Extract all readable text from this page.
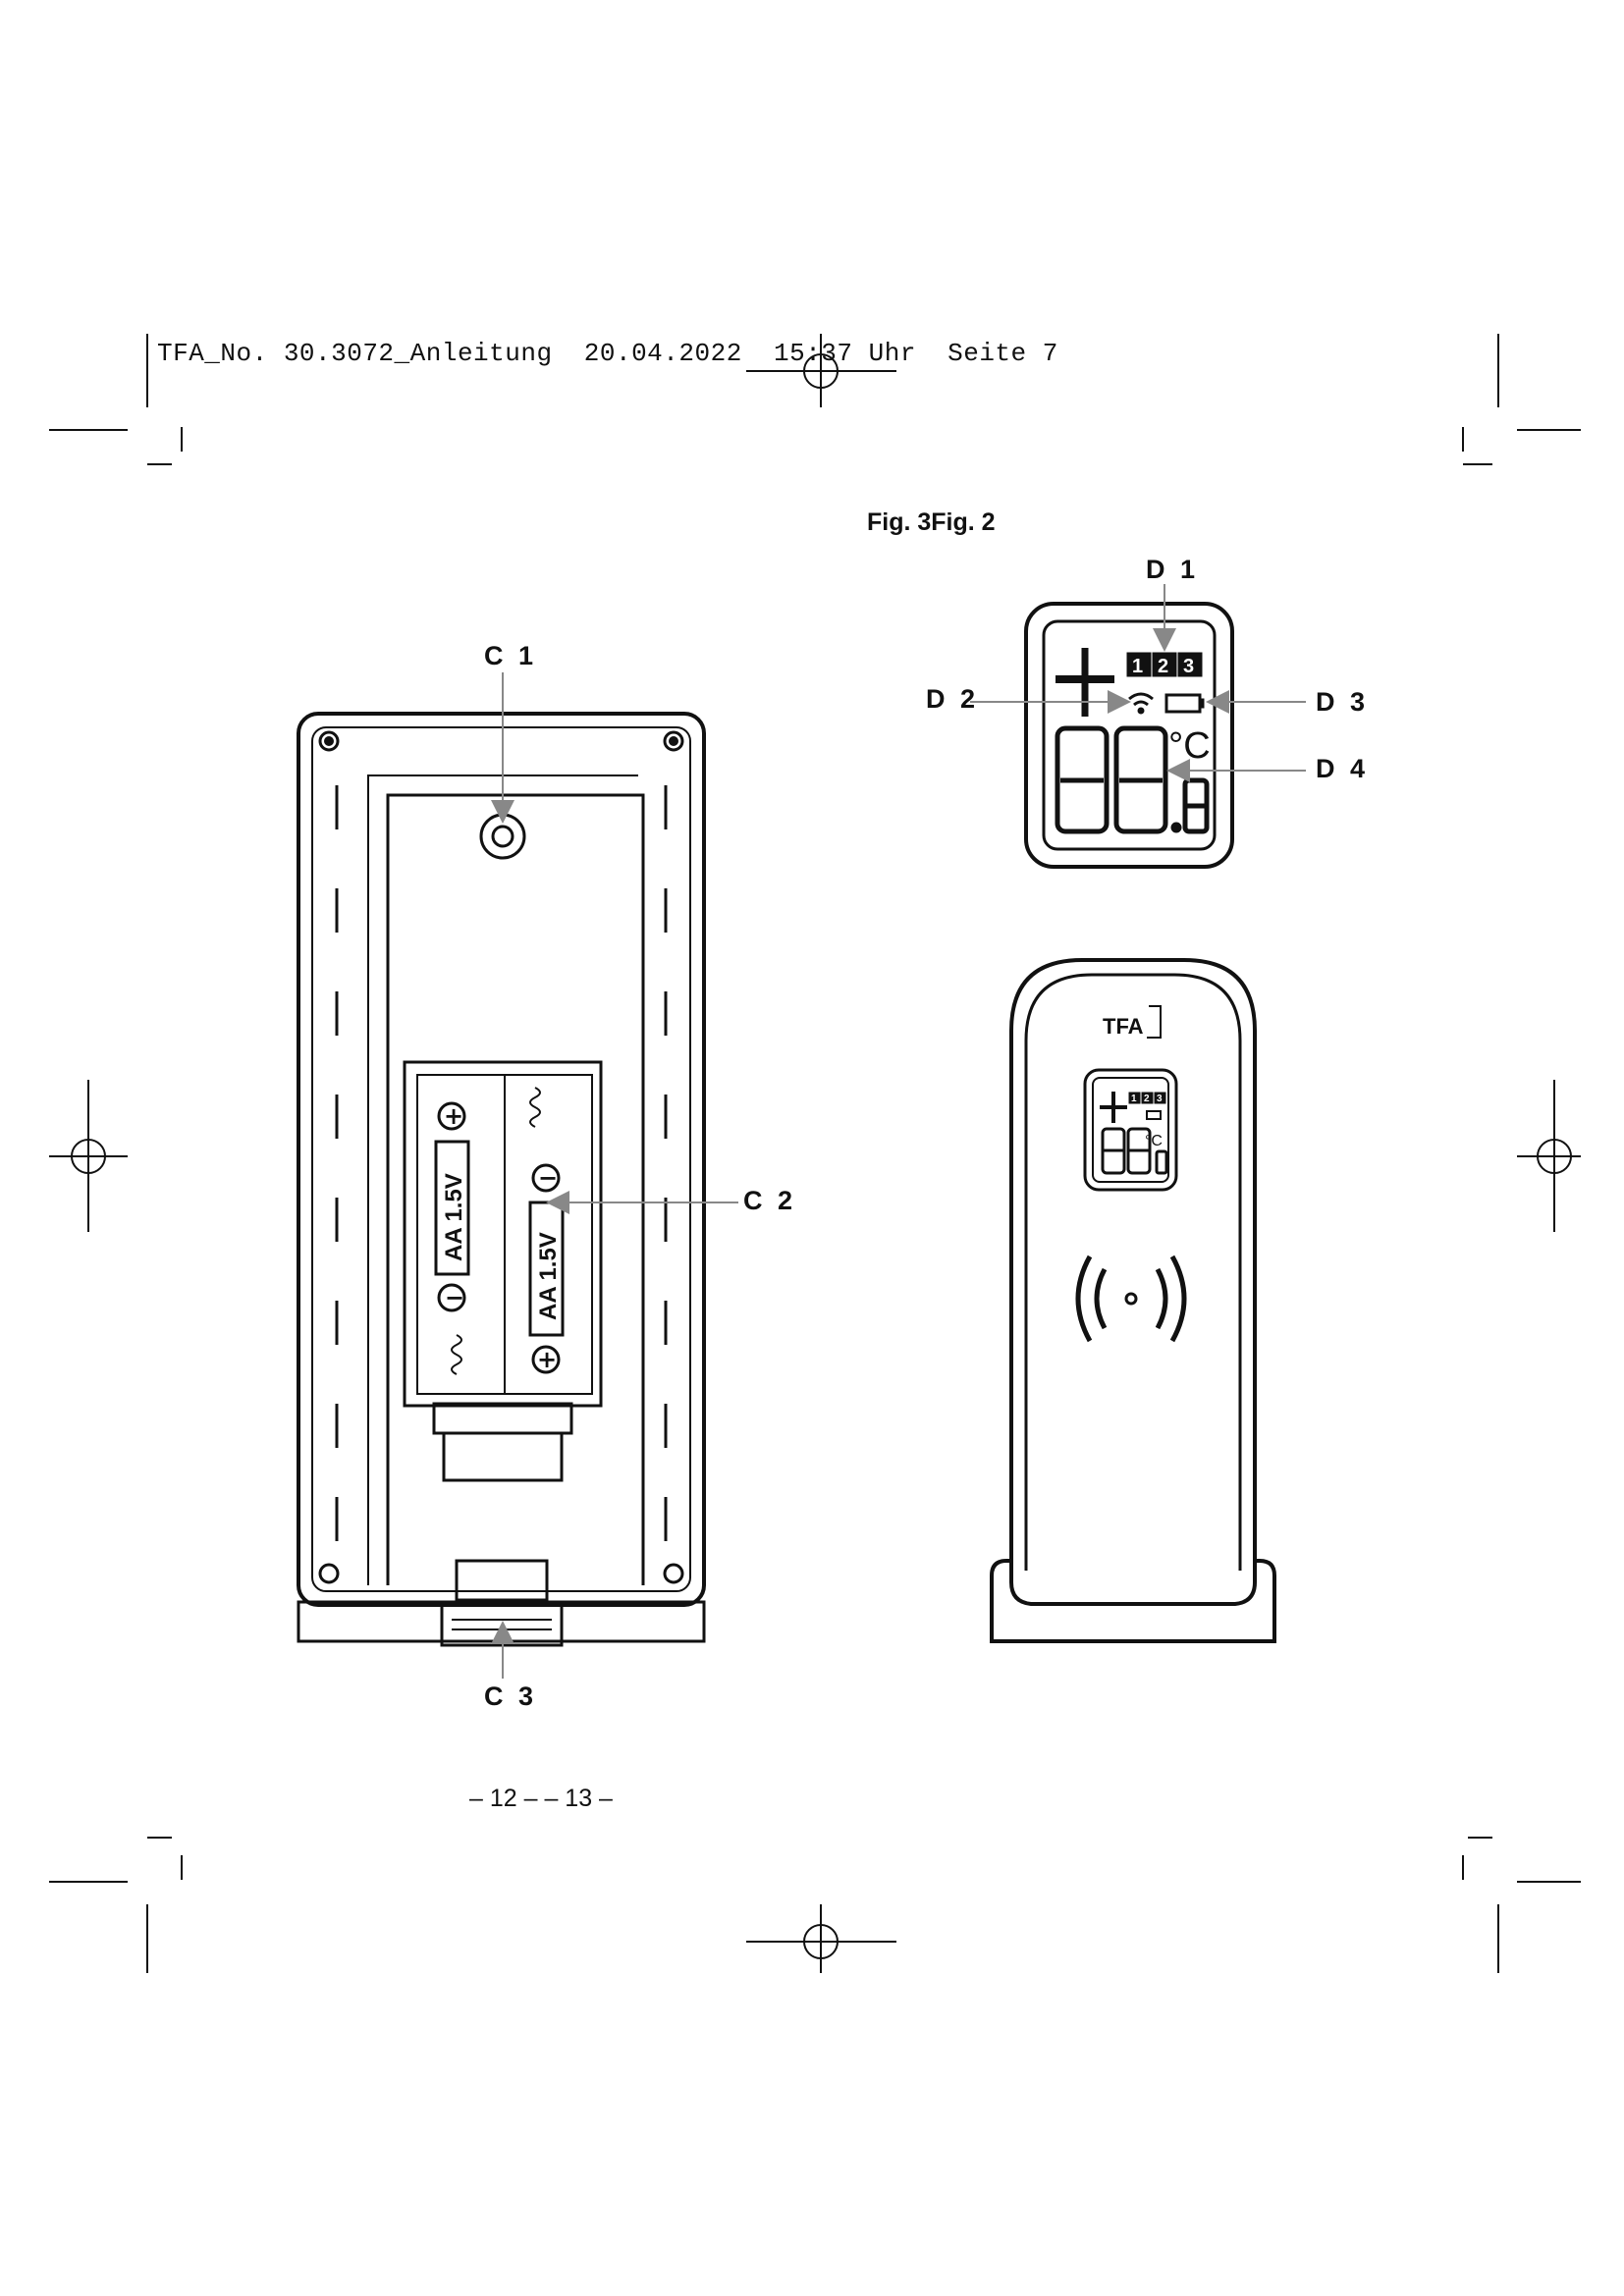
TFA_No. 30.3072_Anleitung  20.04.2022  15:37 Uhr  Seite 7
Fig. 3Fig. 2
+
−
−
+
AA 1.5V
AA 1.5V
1 2 3
°C
TFA
°C
1 2 3
C 1
C 2
C 3
D 1
D 2	D 3
D 4
– 12 – – 13 –
